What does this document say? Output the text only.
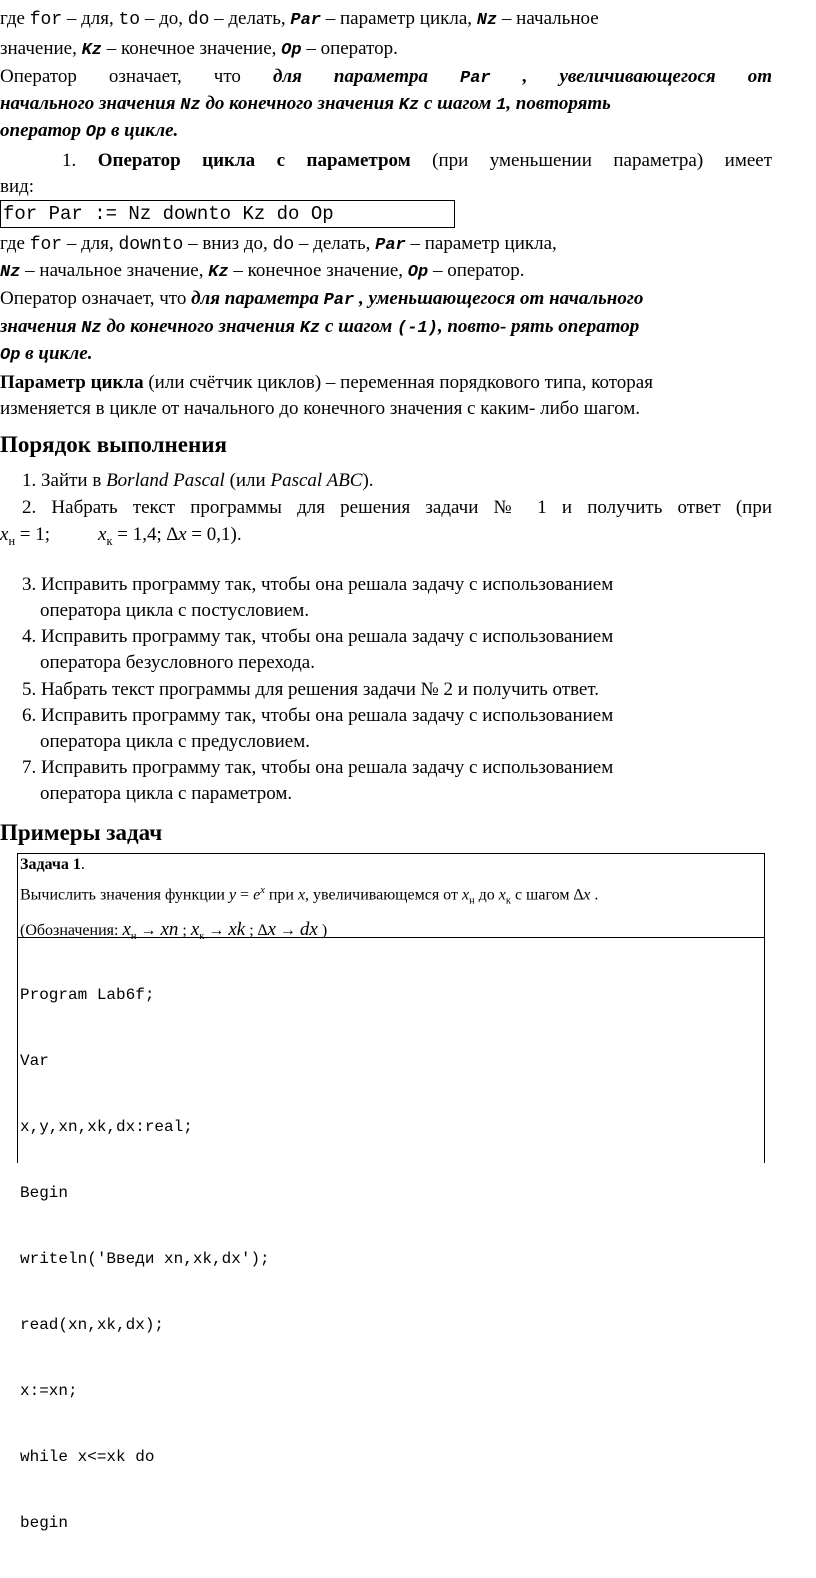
где for – для, to – до, do – делать, Par – параметр цикла, Nz – начальное
значение, Kz – конечное значение, Op – оператор.
Оператор означает, что для параметра Par , увеличивающегося от
начального значения Nz до конечного значения Kz с шагом 1, повторять
оператор Op в цикле.
1. Оператор цикла с параметром (при уменьшении параметра) имеет
вид:
for Par := Nz downto Kz do Op
где for – для, downto – вниз до, do – делать, Par – параметр цикла,
Nz – начальное значение, Kz – конечное значение, Op – оператор.
Оператор означает, что для параметра Par , уменьшающегося от начального
значения Nz до конечного значения Kz с шагом (-1), повто- рять оператор
Op в цикле.
Параметр цикла (или счётчик циклов) – переменная порядкового типа, которая
изменяется в цикле от начального до конечного значения с каким- либо шагом.
Порядок выполнения
1. Зайти в Borland Pascal (или Pascal ABC).
2. Набрать текст программы для решения задачи № 1 и получить ответ (при
$x_н = 1$;	$x_к = 1,4$; ∆x = 0,1).
3. Исправить программу так, чтобы она решала задачу с использованием
оператора цикла с постусловием.
4. Исправить программу так, чтобы она решала задачу с использованием
оператора безусловного перехода.
5. Набрать текст программы для решения задачи № 2 и получить ответ.
6. Исправить программу так, чтобы она решала задачу с использованием
оператора цикла с предусловием.
7. Исправить программу так, чтобы она решала задачу с использованием
оператора цикла с параметром.
Примеры задач
Задача 1.
Вычислить значения функции $y = e^x$ при x, увеличивающемся от $x_н$ до $x_к$ с шагом ∆x .
(Обозначения: $x_н$ → xn ; $x_к$ → xk ; ∆x → dx )

Program Lab6f;

Var

x,y,xn,xk,dx:real;

Begin

writeln('Введи xn,xk,dx');

read(xn,xk,dx);

x:=xn;

while x<=xk do

begin
